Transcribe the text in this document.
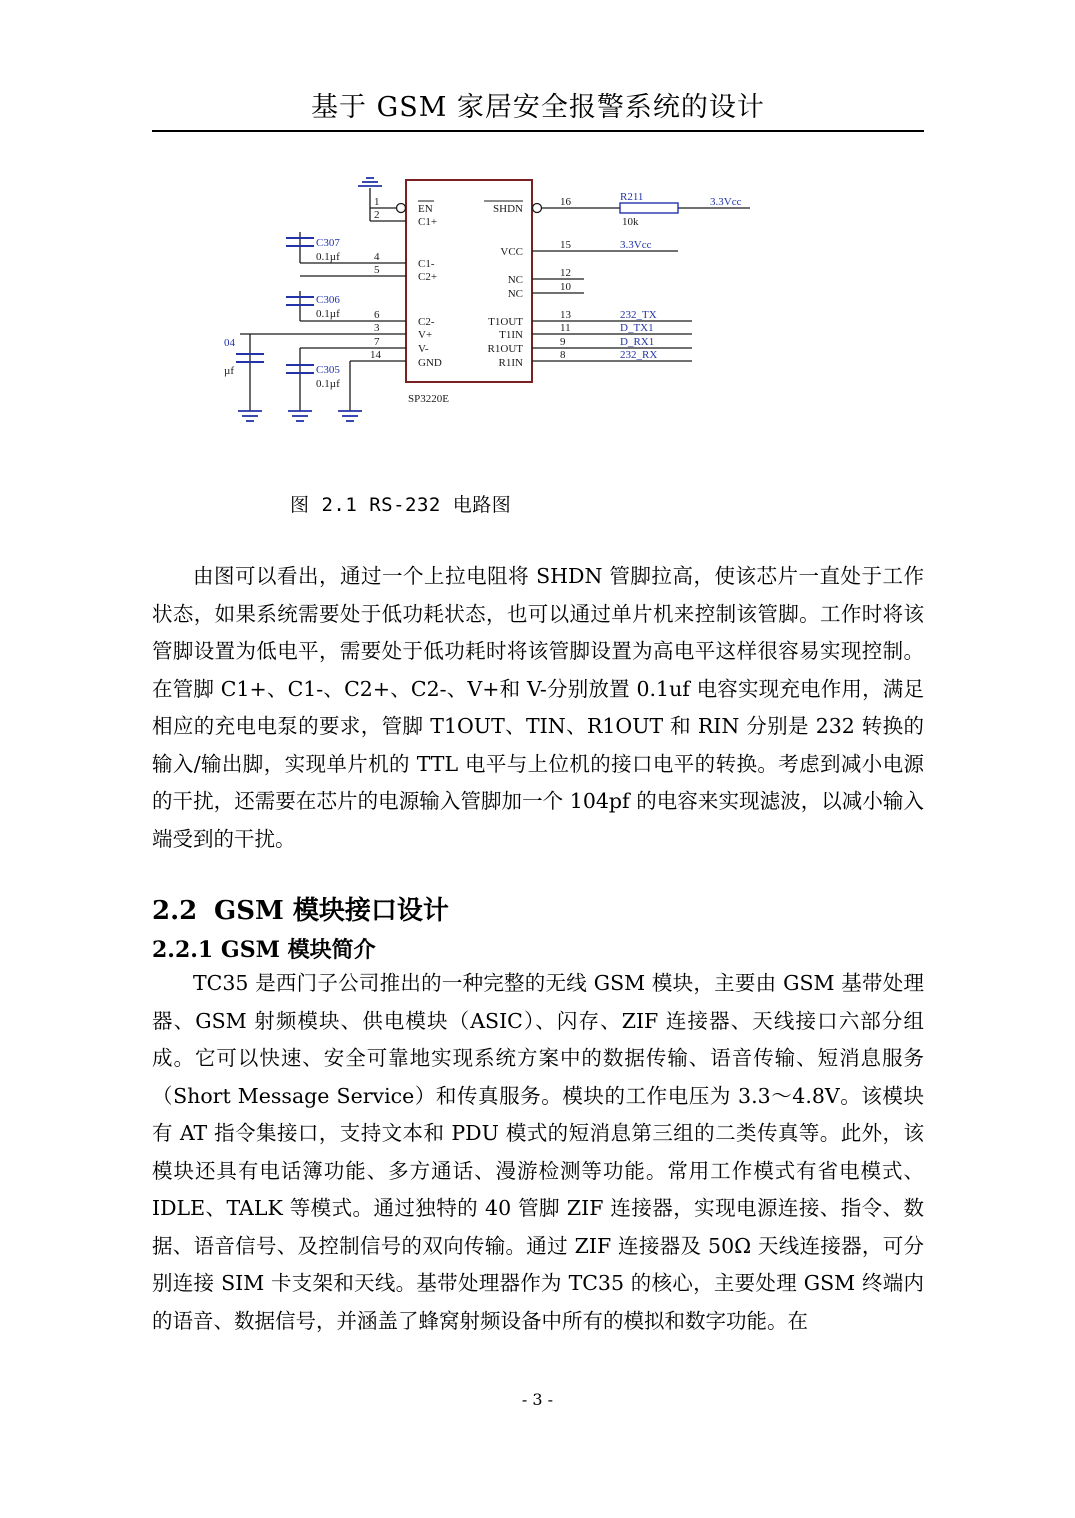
基于 GSM 家居安全报警系统的设计
1
2
4
5
6
3
7
14
EN
C1+
C1-
C2+
C2-
V+
V-
GND
16
15
12
10
13
11
9
8
SHDN
VCC
NC
NC
T1OUT
T1IN
R1OUT
R1IN
SP3220E
10k
0.1µf
0.1µf
0.1µf
µf
R211	3.3Vcc
3.3Vcc
232_TX
D_TX1
D_RX1
232_RX
C307
C306
C305
04
图 2.1 RS-232 电路图

由图可以看出，通过一个上拉电阻将 SHDN 管脚拉高，使该芯片一直处于工作状态，如果系统需要处于低功耗状态，也可以通过单片机来控制该管脚。工作时将该管脚设置为低电平，需要处于低功耗时将该管脚设置为高电平这样很容易实现控制。在管脚 C1+、C1-、C2+、C2-、V+和 V-分别放置 0.1uf 电容实现充电作用，满足相应的充电电泵的要求，管脚 T1OUT、TIN、R1OUT 和 RIN 分别是 232 转换的输入/输出脚，实现单片机的 TTL 电平与上位机的接口电平的转换。考虑到减小电源的干扰，还需要在芯片的电源输入管脚加一个 104pf 的电容来实现滤波，以减小输入端受到的干扰。

2.2 GSM 模块接口设计
2.2.1 GSM 模块简介

TC35 是西门子公司推出的一种完整的无线 GSM 模块，主要由 GSM 基带处理器、GSM 射频模块、供电模块（ASIC）、闪存、ZIF 连接器、天线接口六部分组成。它可以快速、安全可靠地实现系统方案中的数据传输、语音传输、短消息服务（Short Message Service）和传真服务。模块的工作电压为 3.3～4.8V。该模块有 AT 指令集接口，支持文本和 PDU 模式的短消息第三组的二类传真等。此外，该模块还具有电话簿功能、多方通话、漫游检测等功能。常用工作模式有省电模式、IDLE、TALK 等模式。通过独特的 40 管脚 ZIF 连接器，实现电源连接、指令、数据、语音信号、及控制信号的双向传输。通过 ZIF 连接器及 50Ω 天线连接器，可分别连接 SIM 卡支架和天线。基带处理器作为 TC35 的核心，主要处理 GSM 终端内的语音、数据信号，并涵盖了蜂窝射频设备中所有的模拟和数字功能。在

- 3 -
